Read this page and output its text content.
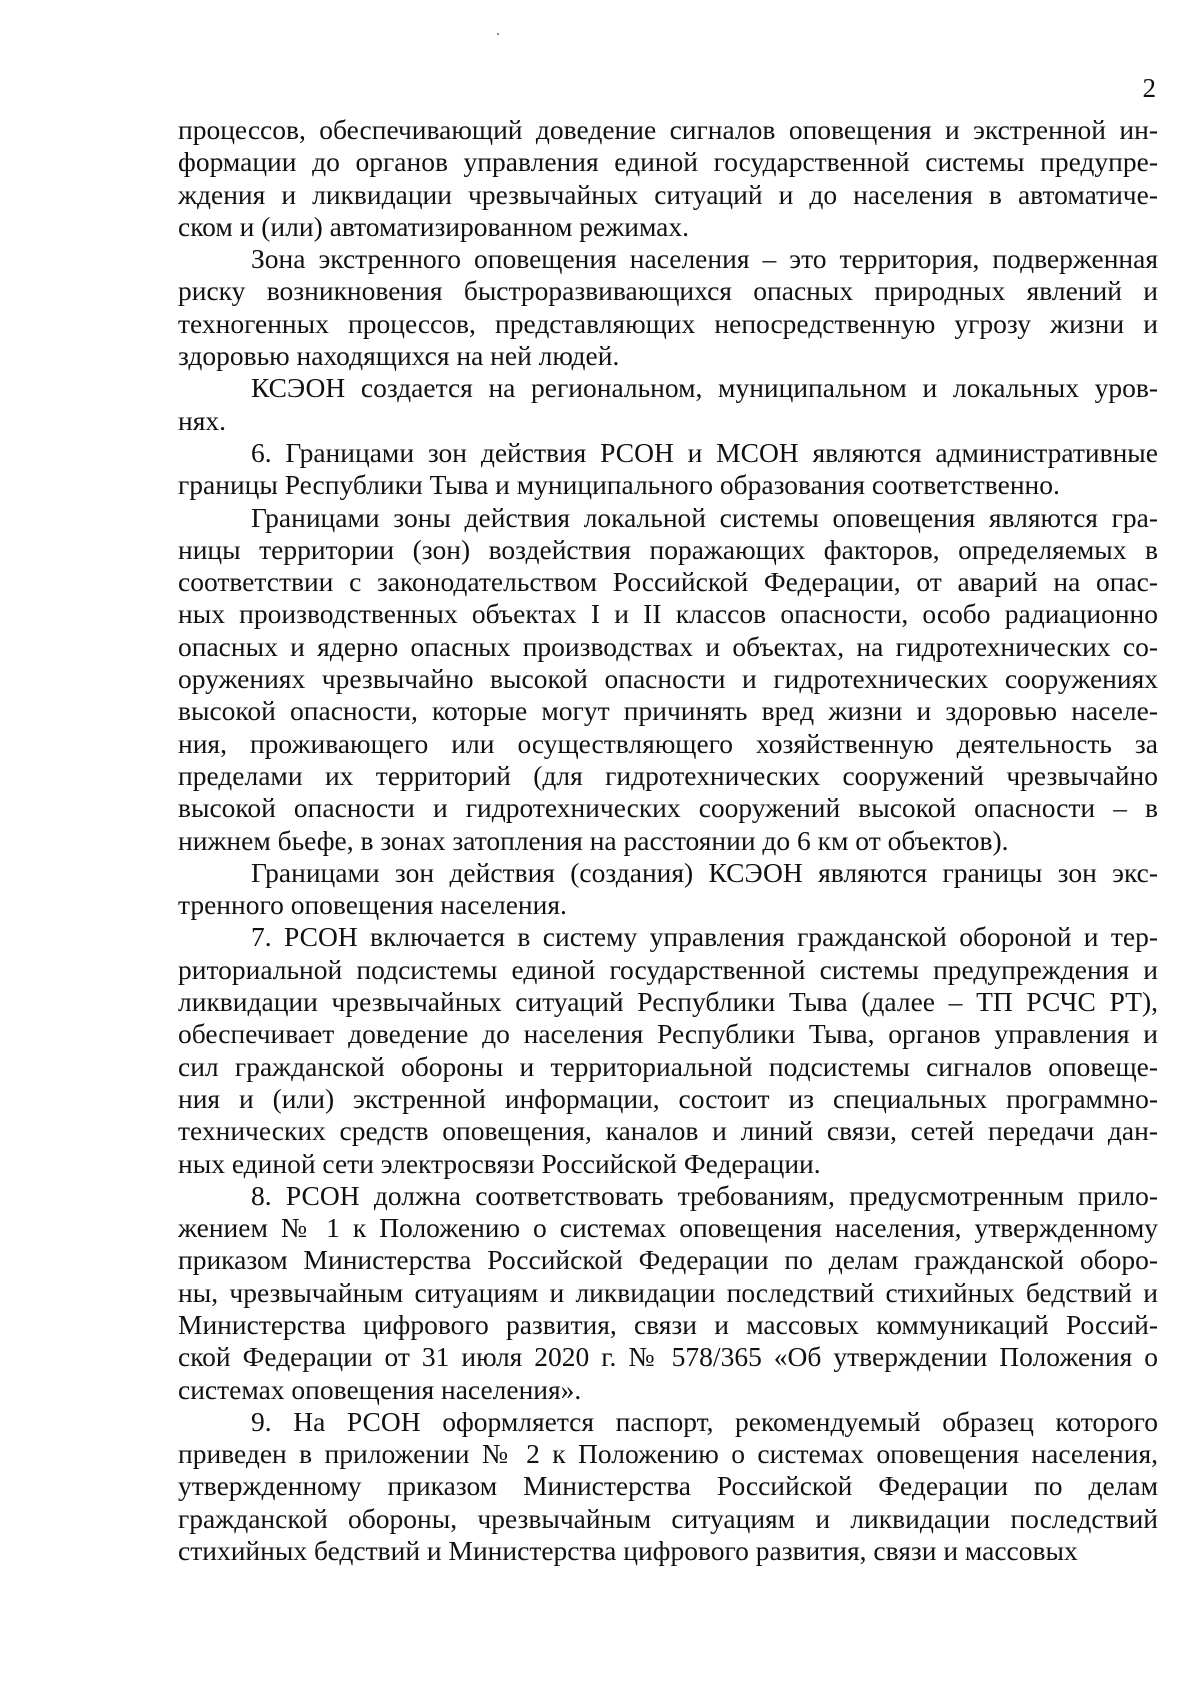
2
процессов, обеспечивающий доведение сигналов оповещения и экстренной ин-
формации до органов управления единой государственной системы предупре-
ждения и ликвидации чрезвычайных ситуаций и до населения в автоматиче-
ском и (или) автоматизированном режимах.
Зона экстренного оповещения населения – это территория, подверженная
риску возникновения быстроразвивающихся опасных природных явлений и
техногенных процессов, представляющих непосредственную угрозу жизни и
здоровью находящихся на ней людей.
КСЭОН создается на региональном, муниципальном и локальных уров-
нях.
6. Границами зон действия РСОН и МСОН являются административные
границы Республики Тыва и муниципального образования соответственно.
Границами зоны действия локальной системы оповещения являются гра-
ницы территории (зон) воздействия поражающих факторов, определяемых в
соответствии с законодательством Российской Федерации, от аварий на опас-
ных производственных объектах I и II классов опасности, особо радиационно
опасных и ядерно опасных производствах и объектах, на гидротехнических со-
оружениях чрезвычайно высокой опасности и гидротехнических сооружениях
высокой опасности, которые могут причинять вред жизни и здоровью населе-
ния, проживающего или осуществляющего хозяйственную деятельность за
пределами их территорий (для гидротехнических сооружений чрезвычайно
высокой опасности и гидротехнических сооружений высокой опасности – в
нижнем бьефе, в зонах затопления на расстоянии до 6 км от объектов).
Границами зон действия (создания) КСЭОН являются границы зон экс-
тренного оповещения населения.
7. РСОН включается в систему управления гражданской обороной и тер-
риториальной подсистемы единой государственной системы предупреждения и
ликвидации чрезвычайных ситуаций Республики Тыва (далее – ТП РСЧС РТ),
обеспечивает доведение до населения Республики Тыва, органов управления и
сил гражданской обороны и территориальной подсистемы сигналов оповеще-
ния и (или) экстренной информации, состоит из специальных программно-
технических средств оповещения, каналов и линий связи, сетей передачи дан-
ных единой сети электросвязи Российской Федерации.
8. РСОН должна соответствовать требованиям, предусмотренным прило-
жением № 1 к Положению о системах оповещения населения, утвержденному
приказом Министерства Российской Федерации по делам гражданской оборо-
ны, чрезвычайным ситуациям и ликвидации последствий стихийных бедствий и
Министерства цифрового развития, связи и массовых коммуникаций Россий-
ской Федерации от 31 июля 2020 г. № 578/365 «Об утверждении Положения о
системах оповещения населения».
9. На РСОН оформляется паспорт, рекомендуемый образец которого
приведен в приложении № 2 к Положению о системах оповещения населения,
утвержденному приказом Министерства Российской Федерации по делам
гражданской обороны, чрезвычайным ситуациям и ликвидации последствий
стихийных бедствий и Министерства цифрового развития, связи и массовых
